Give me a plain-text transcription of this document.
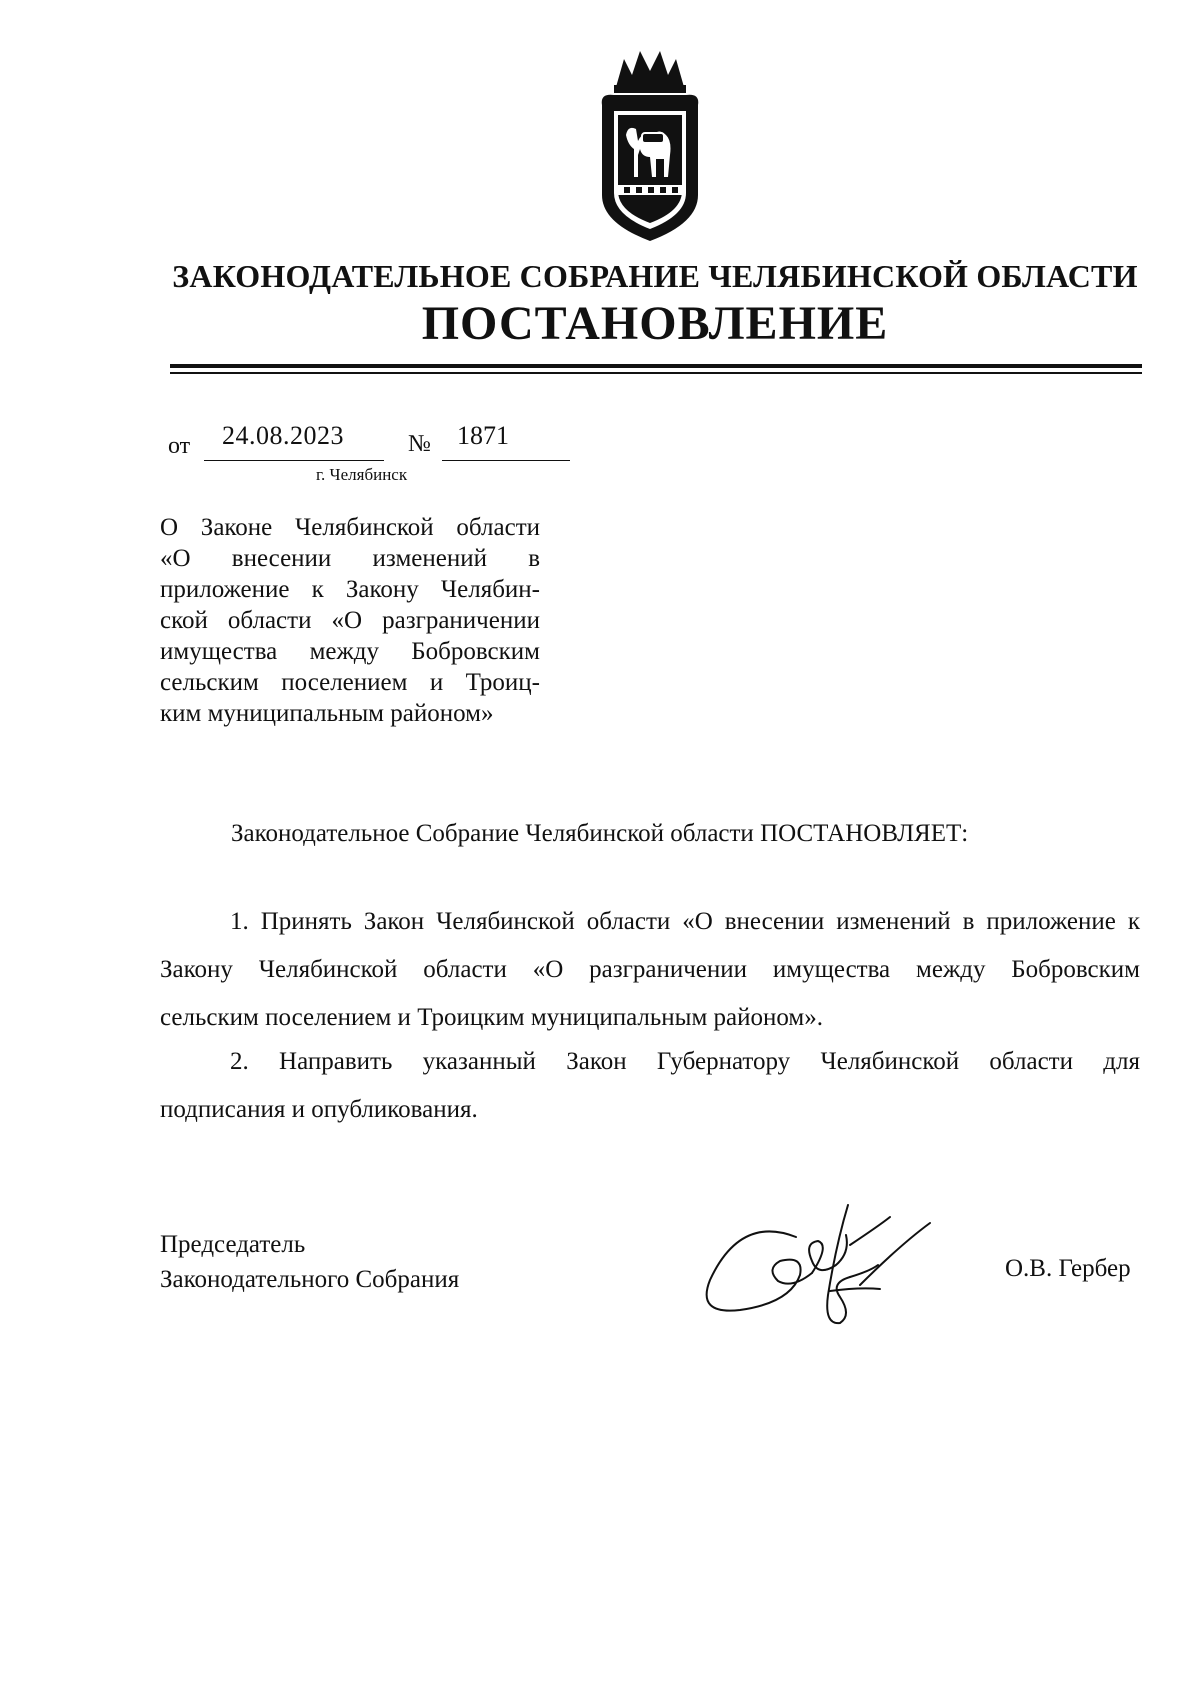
ЗАКОНОДАТЕЛЬНОЕ СОБРАНИЕ ЧЕЛЯБИНСКОЙ ОБЛАСТИ
ПОСТАНОВЛЕНИЕ
от 24.08.2023	№ 1871
г. Челябинск
О Законе Челябинской области
«О внесении изменений в
приложение к Закону Челябин-
ской области «О разграничении
имущества между Бобровским
сельским поселением и Троиц-
ким муниципальным районом»
Законодательное Собрание Челябинской области ПОСТАНОВЛЯЕТ:
1. Принять Закон Челябинской области «О внесении изменений в приложение к
Закону Челябинской области «О разграничении имущества между Бобровским
сельским поселением и Троицким муниципальным районом».
2. Направить указанный Закон Губернатору Челябинской области для
подписания и опубликования.
Председатель
Законодательного Собрания	О.В. Гербер
